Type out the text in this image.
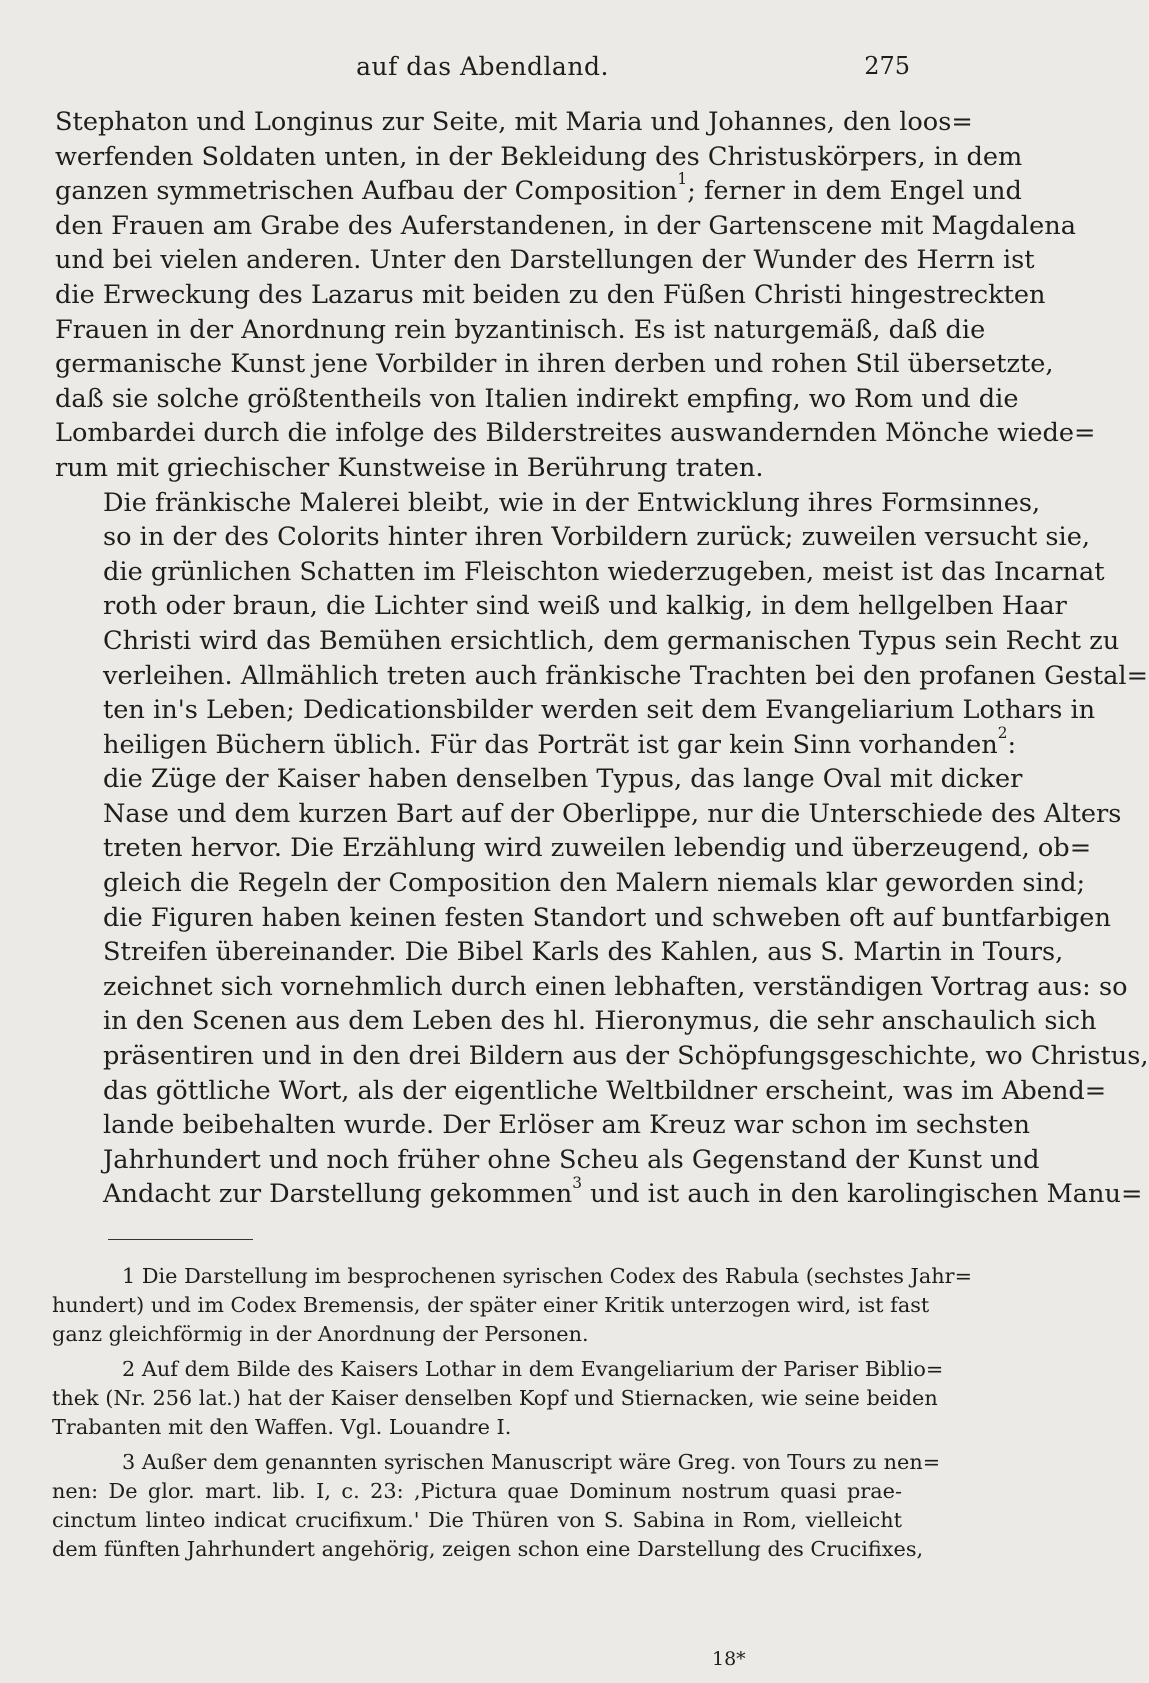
auf das Abendland.	275

Stephaton und Longinus zur Seite, mit Maria und Johannes, den loos=
werfenden Soldaten unten, in der Bekleidung des Christuskörpers, in dem
ganzen symmetrischen Aufbau der Composition$^1$; ferner in dem Engel und
den Frauen am Grabe des Auferstandenen, in der Gartenscene mit Magdalena
und bei vielen anderen. Unter den Darstellungen der Wunder des Herrn ist
die Erweckung des Lazarus mit beiden zu den Füßen Christi hingestreckten
Frauen in der Anordnung rein byzantinisch. Es ist naturgemäß, daß die
germanische Kunst jene Vorbilder in ihren derben und rohen Stil übersetzte,
daß sie solche größtentheils von Italien indirekt empfing, wo Rom und die
Lombardei durch die infolge des Bilderstreites auswandernden Mönche wiede=
rum mit griechischer Kunstweise in Berührung traten.

Die fränkische Malerei bleibt, wie in der Entwicklung ihres Formsinnes,
so in der des Colorits hinter ihren Vorbildern zurück; zuweilen versucht sie,
die grünlichen Schatten im Fleischton wiederzugeben, meist ist das Incarnat
roth oder braun, die Lichter sind weiß und kalkig, in dem hellgelben Haar
Christi wird das Bemühen ersichtlich, dem germanischen Typus sein Recht zu
verleihen. Allmählich treten auch fränkische Trachten bei den profanen Gestal=
ten in's Leben; Dedicationsbilder werden seit dem Evangeliarium Lothars in
heiligen Büchern üblich. Für das Porträt ist gar kein Sinn vorhanden$^2$:
die Züge der Kaiser haben denselben Typus, das lange Oval mit dicker
Nase und dem kurzen Bart auf der Oberlippe, nur die Unterschiede des Alters
treten hervor. Die Erzählung wird zuweilen lebendig und überzeugend, ob=
gleich die Regeln der Composition den Malern niemals klar geworden sind;
die Figuren haben keinen festen Standort und schweben oft auf buntfarbigen
Streifen übereinander. Die Bibel Karls des Kahlen, aus S. Martin in Tours,
zeichnet sich vornehmlich durch einen lebhaften, verständigen Vortrag aus: so
in den Scenen aus dem Leben des hl. Hieronymus, die sehr anschaulich sich
präsentiren und in den drei Bildern aus der Schöpfungsgeschichte, wo Christus,
das göttliche Wort, als der eigentliche Weltbildner erscheint, was im Abend=
lande beibehalten wurde. Der Erlöser am Kreuz war schon im sechsten
Jahrhundert und noch früher ohne Scheu als Gegenstand der Kunst und
Andacht zur Darstellung gekommen$^3$ und ist auch in den karolingischen Manu=

1 Die Darstellung im besprochenen syrischen Codex des Rabula (sechstes Jahr=
hundert) und im Codex Bremensis, der später einer Kritik unterzogen wird, ist fast
ganz gleichförmig in der Anordnung der Personen.

2 Auf dem Bilde des Kaisers Lothar in dem Evangeliarium der Pariser Biblio=
thek (Nr. 256 lat.) hat der Kaiser denselben Kopf und Stiernacken, wie seine beiden
Trabanten mit den Waffen. Vgl. Louandre I.

3 Außer dem genannten syrischen Manuscript wäre Greg. von Tours zu nen=
nen: De glor. mart. lib. I, c. 23: ,Pictura quae Dominum nostrum quasi prae-
cinctum linteo indicat crucifixum.' Die Thüren von S. Sabina in Rom, vielleicht
dem fünften Jahrhundert angehörig, zeigen schon eine Darstellung des Crucifixes,

18*
